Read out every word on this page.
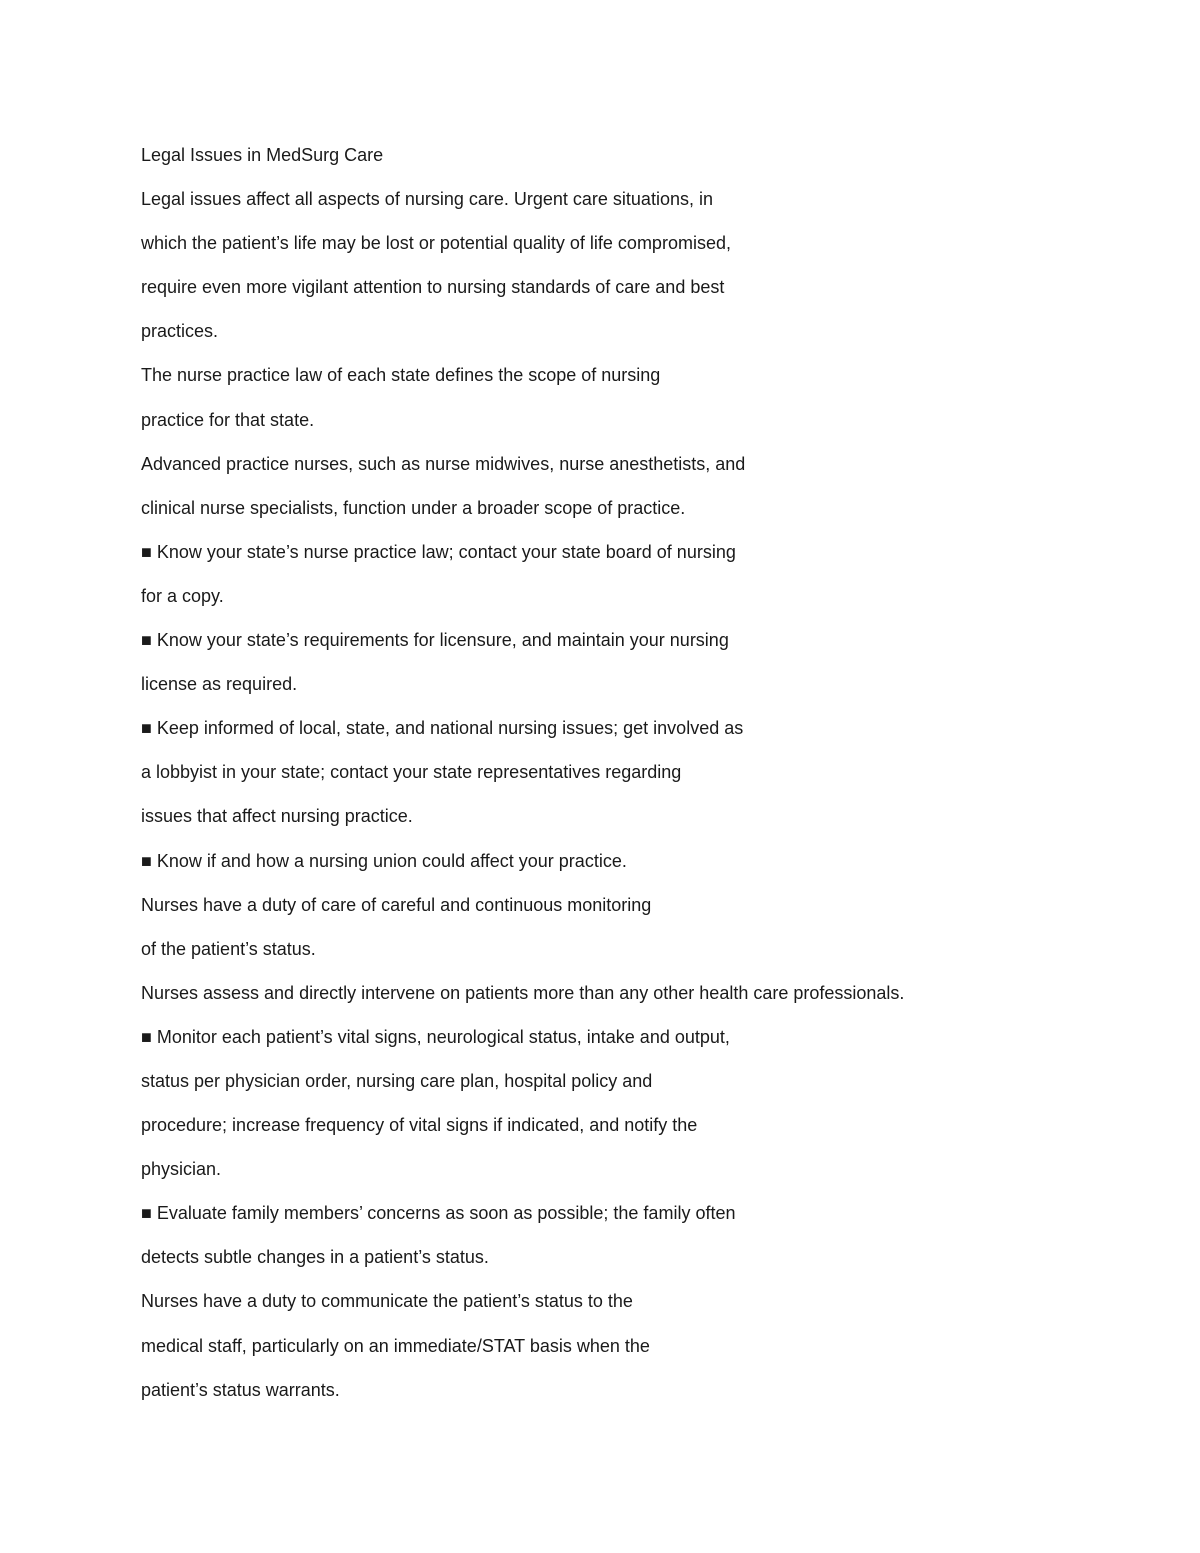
Legal Issues in MedSurg Care
Legal issues affect all aspects of nursing care. Urgent care situations, in
which the patient’s life may be lost or potential quality of life compromised,
require even more vigilant attention to nursing standards of care and best
practices.
The nurse practice law of each state defines the scope of nursing
practice for that state.
Advanced practice nurses, such as nurse midwives, nurse anesthetists, and
clinical nurse specialists, function under a broader scope of practice.
■ Know your state’s nurse practice law; contact your state board of nursing
for a copy.
■ Know your state’s requirements for licensure, and maintain your nursing
license as required.
■ Keep informed of local, state, and national nursing issues; get involved as
a lobbyist in your state; contact your state representatives regarding
issues that affect nursing practice.
■ Know if and how a nursing union could affect your practice.
Nurses have a duty of care of careful and continuous monitoring
of the patient’s status.
Nurses assess and directly intervene on patients more than any other health care professionals.
■ Monitor each patient’s vital signs, neurological status, intake and output,
status per physician order, nursing care plan, hospital policy and
procedure; increase frequency of vital signs if indicated, and notify the
physician.
■ Evaluate family members’ concerns as soon as possible; the family often
detects subtle changes in a patient’s status.
Nurses have a duty to communicate the patient’s status to the
medical staff, particularly on an immediate/STAT basis when the
patient’s status warrants.
